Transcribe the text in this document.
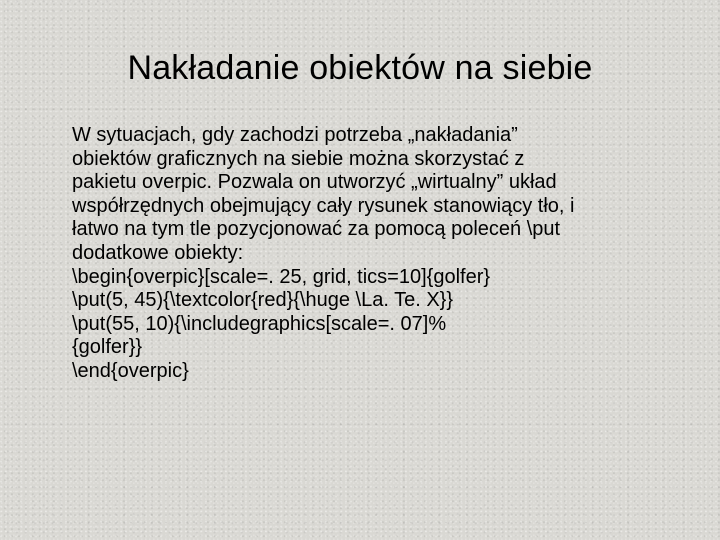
Nakładanie obiektów na siebie
W sytuacjach, gdy zachodzi potrzeba „nakładania”
obiektów graficznych na siebie można skorzystać z
pakietu overpic. Pozwala on utworzyć „wirtualny” układ
współrzędnych obejmujący cały rysunek stanowiący tło, i
łatwo na tym tle pozycjonować za pomocą poleceń \put
dodatkowe obiekty:
\begin{overpic}[scale=. 25, grid, tics=10]{golfer}
\put(5, 45){\textcolor{red}{\huge \La. Te. X}}
\put(55, 10){\includegraphics[scale=. 07]%
{golfer}}
\end{overpic}
